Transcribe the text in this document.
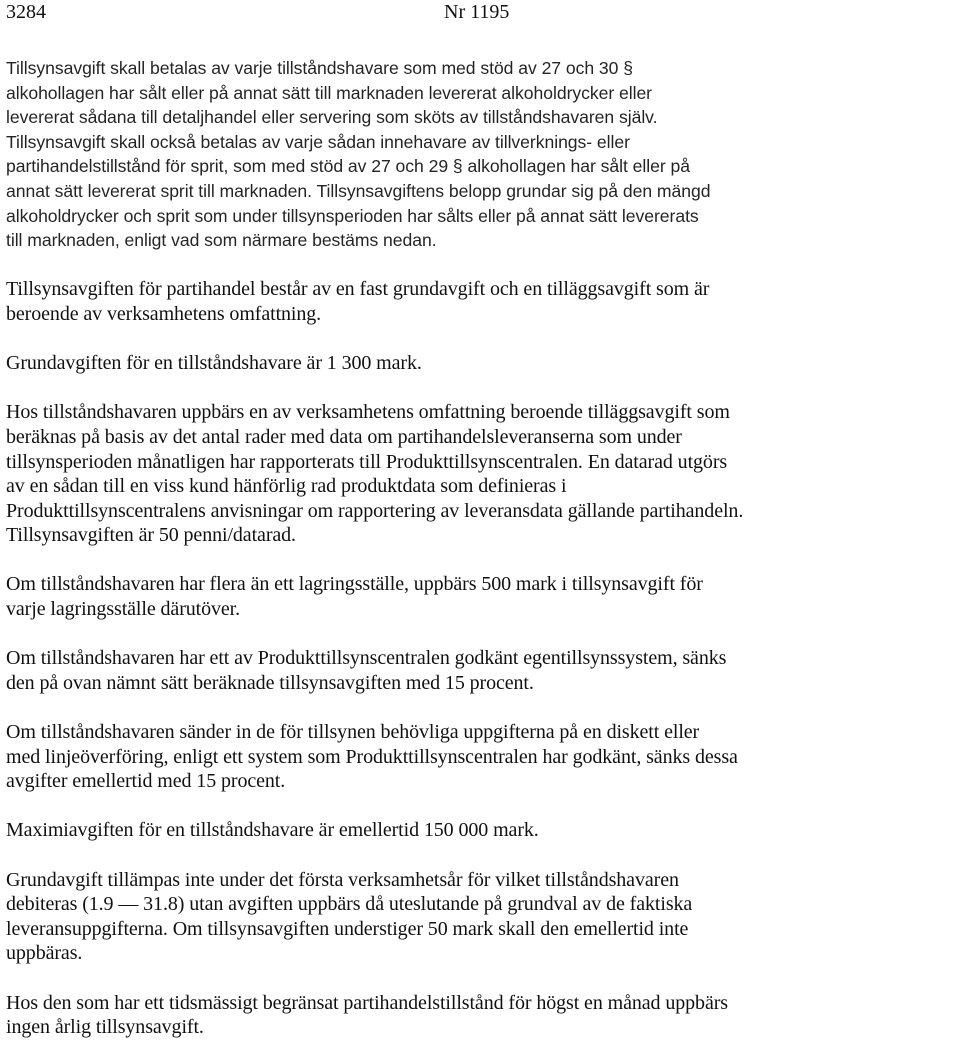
3284	Nr 1195

Tillsynsavgift skall betalas av varje tillståndshavare som med stöd av 27 och 30 §
alkohollagen har sålt eller på annat sätt till marknaden levererat alkoholdrycker eller
levererat sådana till detaljhandel eller servering som sköts av tillståndshavaren själv.
Tillsynsavgift skall också betalas av varje sådan innehavare av tillverknings- eller
partihandelstillstånd för sprit, som med stöd av 27 och 29 § alkohollagen har sålt eller på
annat sätt levererat sprit till marknaden. Tillsynsavgiftens belopp grundar sig på den mängd
alkoholdrycker och sprit som under tillsynsperioden har sålts eller på annat sätt levererats
till marknaden, enligt vad som närmare bestäms nedan.

Tillsynsavgiften för partihandel består av en fast grundavgift och en tilläggsavgift som är
beroende av verksamhetens omfattning.

Grundavgiften för en tillståndshavare är 1 300 mark.

Hos tillståndshavaren uppbärs en av verksamhetens omfattning beroende tilläggsavgift som
beräknas på basis av det antal rader med data om partihandelsleveranserna som under
tillsynsperioden månatligen har rapporterats till Produkttillsynscentralen. En datarad utgörs
av en sådan till en viss kund hänförlig rad produktdata som definieras i
Produkttillsynscentralens anvisningar om rapportering av leveransdata gällande partihandeln.
Tillsynsavgiften är 50 penni/datarad.

Om tillståndshavaren har flera än ett lagringsställe, uppbärs 500 mark i tillsynsavgift för
varje lagringsställe därutöver.

Om tillståndshavaren har ett av Produkttillsynscentralen godkänt egentillsynssystem, sänks
den på ovan nämnt sätt beräknade tillsynsavgiften med 15 procent.

Om tillståndshavaren sänder in de för tillsynen behövliga uppgifterna på en diskett eller
med linjeöverföring, enligt ett system som Produkttillsynscentralen har godkänt, sänks dessa
avgifter emellertid med 15 procent.

Maximiavgiften för en tillståndshavare är emellertid 150 000 mark.

Grundavgift tillämpas inte under det första verksamhetsår för vilket tillståndshavaren
debiteras (1.9 — 31.8) utan avgiften uppbärs då uteslutande på grundval av de faktiska
leveransuppgifterna. Om tillsynsavgiften understiger 50 mark skall den emellertid inte
uppbäras.

Hos den som har ett tidsmässigt begränsat partihandelstillstånd för högst en månad uppbärs
ingen årlig tillsynsavgift.
